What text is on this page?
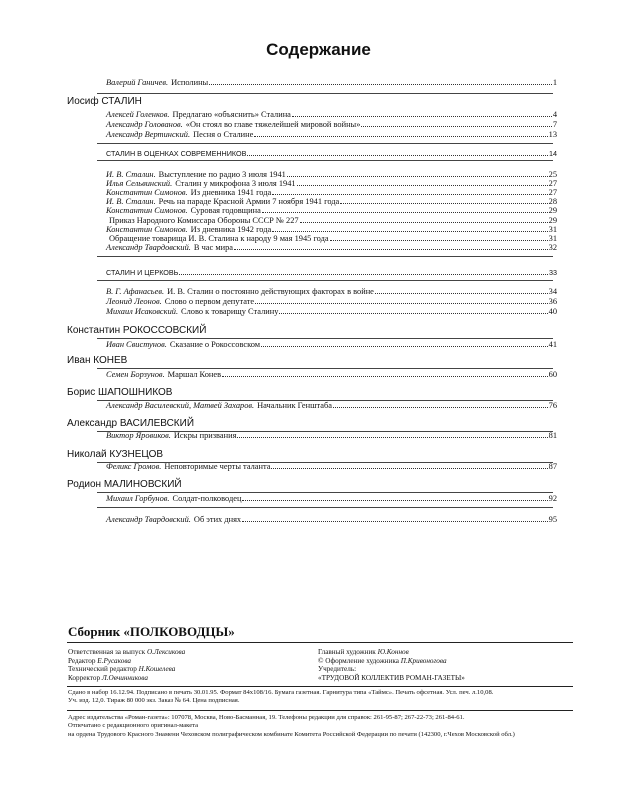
Содержание
Валерий Ганичев. Исполины	1
Иосиф СТАЛИН
Алексей Голенков. Предлагаю «объяснить» Сталина	4
Александр Голованов. «Он стоял во главе тяжелейшей мировой войны»	7
Александр Вертинский. Песня о Сталине	13
СТАЛИН В ОЦЕНКАХ СОВРЕМЕННИКОВ	14
И. В. Сталин. Выступление по радио 3 июля 1941	25
Илья Сельвинский. Сталин у микрофона 3 июля 1941	27
Константин Симонов. Из дневника 1941 года	27
И. В. Сталин. Речь на параде Красной Армии 7 ноября 1941 года	28
Константин Симонов. Суровая годовщина	29
Приказ Народного Комиссара Обороны СССР № 227	29
Константин Симонов. Из дневника 1942 года	31
Обращение товарища И. В. Сталина к народу 9 мая 1945 года	31
Александр Твардовский. В час мира	32
СТАЛИН И ЦЕРКОВЬ	33
В. Г. Афанасьев. И. В. Сталин о постоянно действующих факторах в войне	34
Леонид Леонов. Слово о первом депутате	36
Михаил Исаковский. Слово к товарищу Сталину	40
Константин РОКОССОВСКИЙ
Иван Свистунов. Сказание о Рокоссовском	41
Иван КОНЕВ
Семен Борзунов. Маршал Конев	60
Борис ШАПОШНИКОВ
Александр Василевский, Матвей Захаров. Начальник Генштаба	76
Александр ВАСИЛЕВСКИЙ
Виктор Яровиков. Искры призвания	81
Николай КУЗНЕЦОВ
Феликс Громов. Неповторимые черты таланта	87
Родион МАЛИНОВСКИЙ
Михаил Горбунов. Солдат-полководец	92
Александр Твардовский. Об этих днях	95
Сборник «ПОЛКОВОДЦЫ»
Ответственная за выпуск О.Лексикова
Редактор Е.Русакова
Технический редактор Н.Кошелева
Корректор Л.Овчинникова
Главный художник Ю.Коннов
© Оформление художника П.Кривоногова
Учредитель:
«ТРУДОВОЙ КОЛЛЕКТИВ РОМАН-ГАЗЕТЫ»
Сдано в набор 16.12.94. Подписано в печать 30.01.95. Формат 84х108/16. Бумага газетная. Гарнитура типа «Таймс». Печать офсетная. Усл. печ. л.10,08.
Уч. изд. 12,0. Тираж 80 000 экз. Заказ № 64. Цена подписная.
Адрес издательства «Роман-газета»: 107078, Москва, Ново-Басманная, 19. Телефоны редакции для справок: 261-95-87; 267-22-73; 261-84-61.
Отпечатано с редакционного оригинал-макета
на ордена Трудового Красного Знамени Чеховском полиграфическом комбинате Комитета Российской Федерации по печати (142300, г.Чехов Московской обл.)
